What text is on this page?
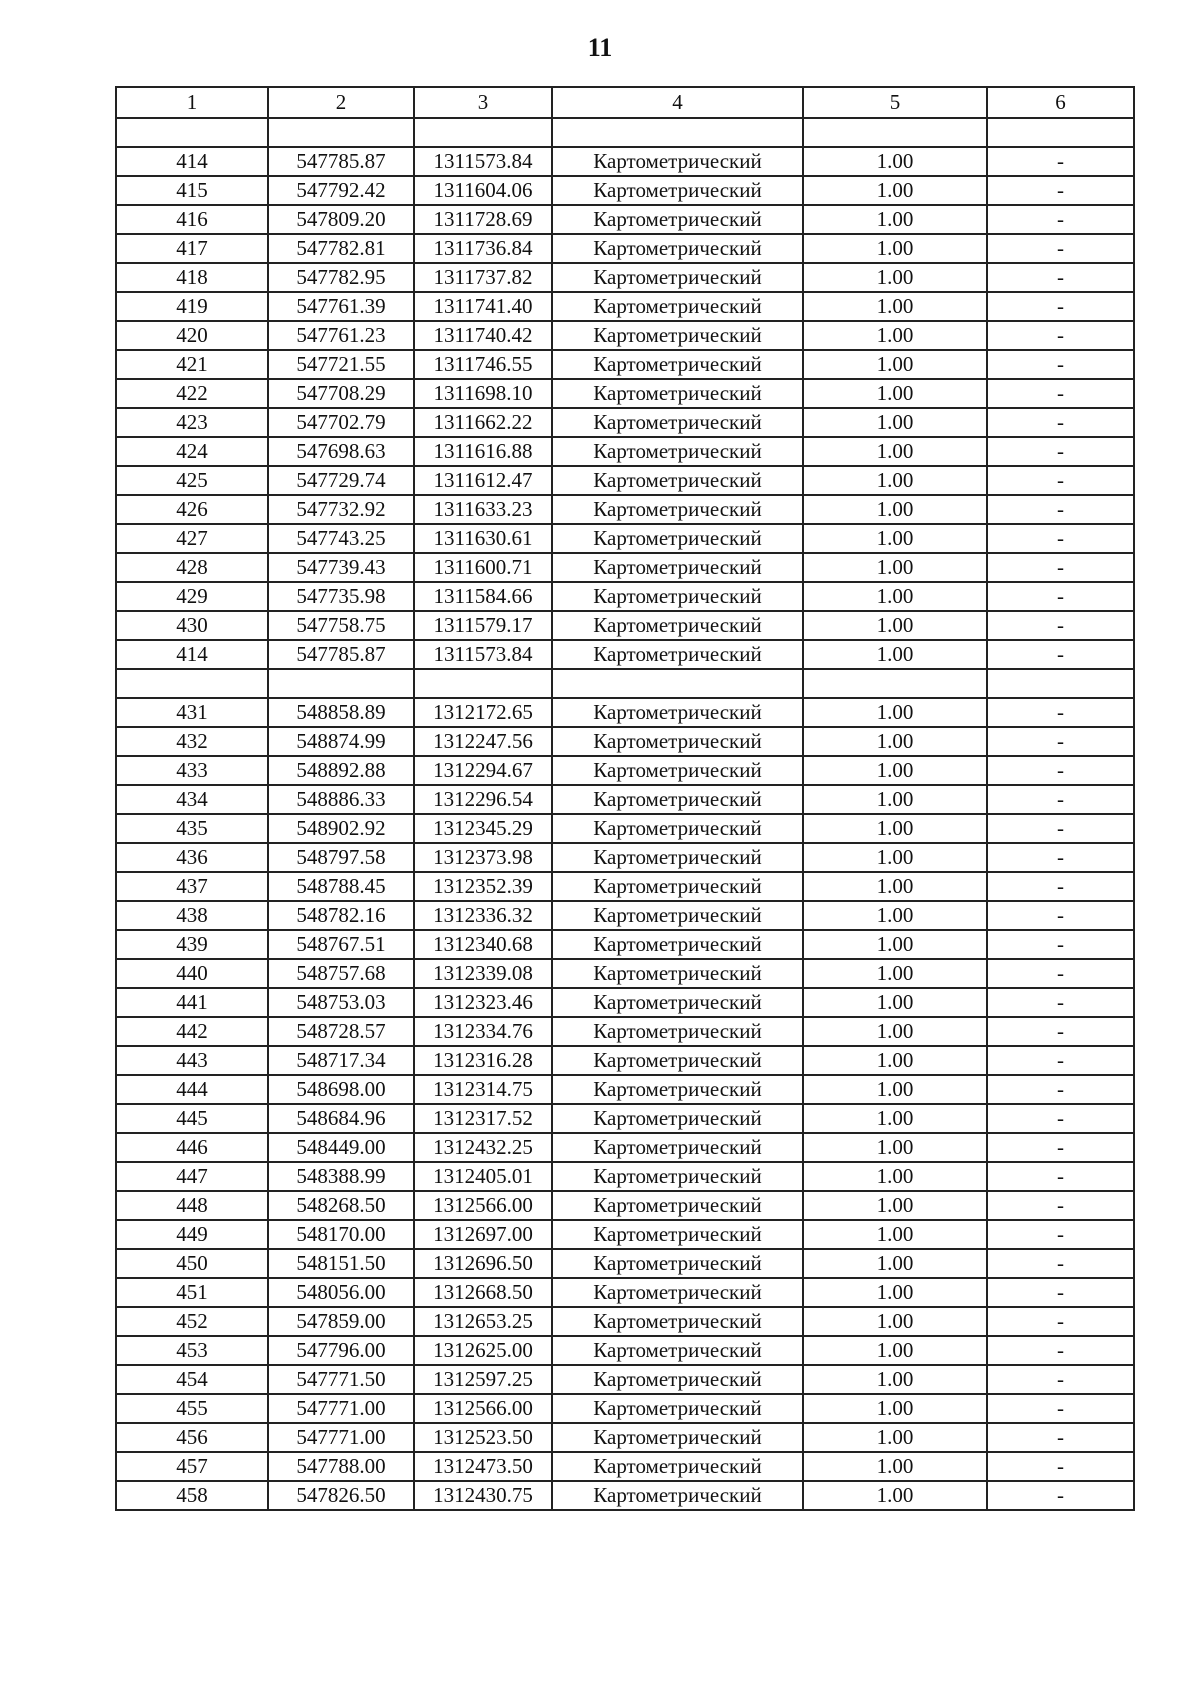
11
1	2	3	4	5	6

414	547785.87	1311573.84	Картометрический	1.00	-
415	547792.42	1311604.06	Картометрический	1.00	-
416	547809.20	1311728.69	Картометрический	1.00	-
417	547782.81	1311736.84	Картометрический	1.00	-
418	547782.95	1311737.82	Картометрический	1.00	-
419	547761.39	1311741.40	Картометрический	1.00	-
420	547761.23	1311740.42	Картометрический	1.00	-
421	547721.55	1311746.55	Картометрический	1.00	-
422	547708.29	1311698.10	Картометрический	1.00	-
423	547702.79	1311662.22	Картометрический	1.00	-
424	547698.63	1311616.88	Картометрический	1.00	-
425	547729.74	1311612.47	Картометрический	1.00	-
426	547732.92	1311633.23	Картометрический	1.00	-
427	547743.25	1311630.61	Картометрический	1.00	-
428	547739.43	1311600.71	Картометрический	1.00	-
429	547735.98	1311584.66	Картометрический	1.00	-
430	547758.75	1311579.17	Картометрический	1.00	-
414	547785.87	1311573.84	Картометрический	1.00	-

431	548858.89	1312172.65	Картометрический	1.00	-
432	548874.99	1312247.56	Картометрический	1.00	-
433	548892.88	1312294.67	Картометрический	1.00	-
434	548886.33	1312296.54	Картометрический	1.00	-
435	548902.92	1312345.29	Картометрический	1.00	-
436	548797.58	1312373.98	Картометрический	1.00	-
437	548788.45	1312352.39	Картометрический	1.00	-
438	548782.16	1312336.32	Картометрический	1.00	-
439	548767.51	1312340.68	Картометрический	1.00	-
440	548757.68	1312339.08	Картометрический	1.00	-
441	548753.03	1312323.46	Картометрический	1.00	-
442	548728.57	1312334.76	Картометрический	1.00	-
443	548717.34	1312316.28	Картометрический	1.00	-
444	548698.00	1312314.75	Картометрический	1.00	-
445	548684.96	1312317.52	Картометрический	1.00	-
446	548449.00	1312432.25	Картометрический	1.00	-
447	548388.99	1312405.01	Картометрический	1.00	-
448	548268.50	1312566.00	Картометрический	1.00	-
449	548170.00	1312697.00	Картометрический	1.00	-
450	548151.50	1312696.50	Картометрический	1.00	-
451	548056.00	1312668.50	Картометрический	1.00	-
452	547859.00	1312653.25	Картометрический	1.00	-
453	547796.00	1312625.00	Картометрический	1.00	-
454	547771.50	1312597.25	Картометрический	1.00	-
455	547771.00	1312566.00	Картометрический	1.00	-
456	547771.00	1312523.50	Картометрический	1.00	-
457	547788.00	1312473.50	Картометрический	1.00	-
458	547826.50	1312430.75	Картометрический	1.00	-
